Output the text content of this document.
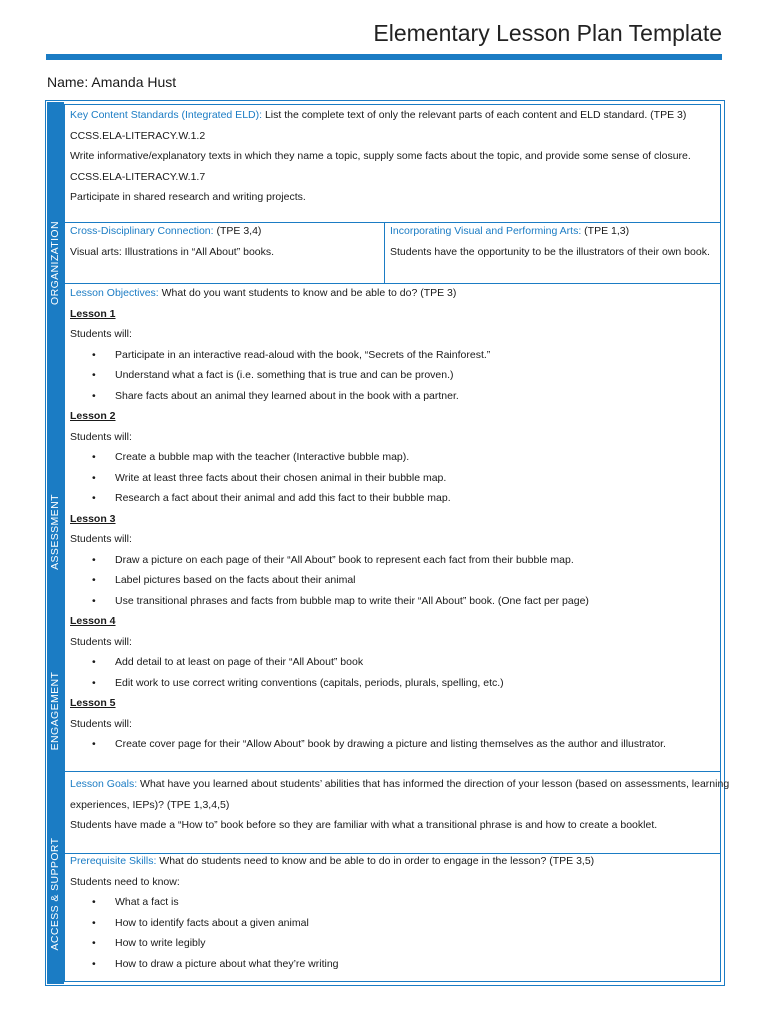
Elementary Lesson Plan Template
Name: Amanda Hust
ORGANIZATION
ASSESSMENT
ENGAGEMENT
ACCESS & SUPPORT
Key Content Standards (Integrated ELD): List the complete text of only the relevant parts of each content and ELD standard. (TPE 3)
CCSS.ELA-LITERACY.W.1.2
Write informative/explanatory texts in which they name a topic, supply some facts about the topic, and provide some sense of closure.
CCSS.ELA-LITERACY.W.1.7
Participate in shared research and writing projects.
Cross-Disciplinary Connection: (TPE 3,4)
Visual arts: Illustrations in “All About” books.
Incorporating Visual and Performing Arts: (TPE 1,3)
Students have the opportunity to be the illustrators of their own book.
Lesson Objectives: What do you want students to know and be able to do? (TPE 3)
Lesson 1
Students will:
• Participate in an interactive read-aloud with the book, “Secrets of the Rainforest.”
• Understand what a fact is (i.e. something that is true and can be proven.)
• Share facts about an animal they learned about in the book with a partner.
Lesson 2
Students will:
• Create a bubble map with the teacher (Interactive bubble map).
• Write at least three facts about their chosen animal in their bubble map.
• Research a fact about their animal and add this fact to their bubble map.
Lesson 3
Students will:
• Draw a picture on each page of their “All About” book to represent each fact from their bubble map.
• Label pictures based on the facts about their animal
• Use transitional phrases and facts from bubble map to write their “All About” book. (One fact per page)
Lesson 4
Students will:
• Add detail to at least on page of their “All About” book
• Edit work to use correct writing conventions (capitals, periods, plurals, spelling, etc.)
Lesson 5
Students will:
• Create cover page for their “Allow About” book by drawing a picture and listing themselves as the author and illustrator.
Lesson Goals: What have you learned about students’ abilities that has informed the direction of your lesson (based on assessments, learning
experiences, IEPs)? (TPE 1,3,4,5)
Students have made a “How to” book before so they are familiar with what a transitional phrase is and how to create a booklet.
Prerequisite Skills: What do students need to know and be able to do in order to engage in the lesson? (TPE 3,5)
Students need to know:
• What a fact is
• How to identify facts about a given animal
• How to write legibly
• How to draw a picture about what they’re writing
